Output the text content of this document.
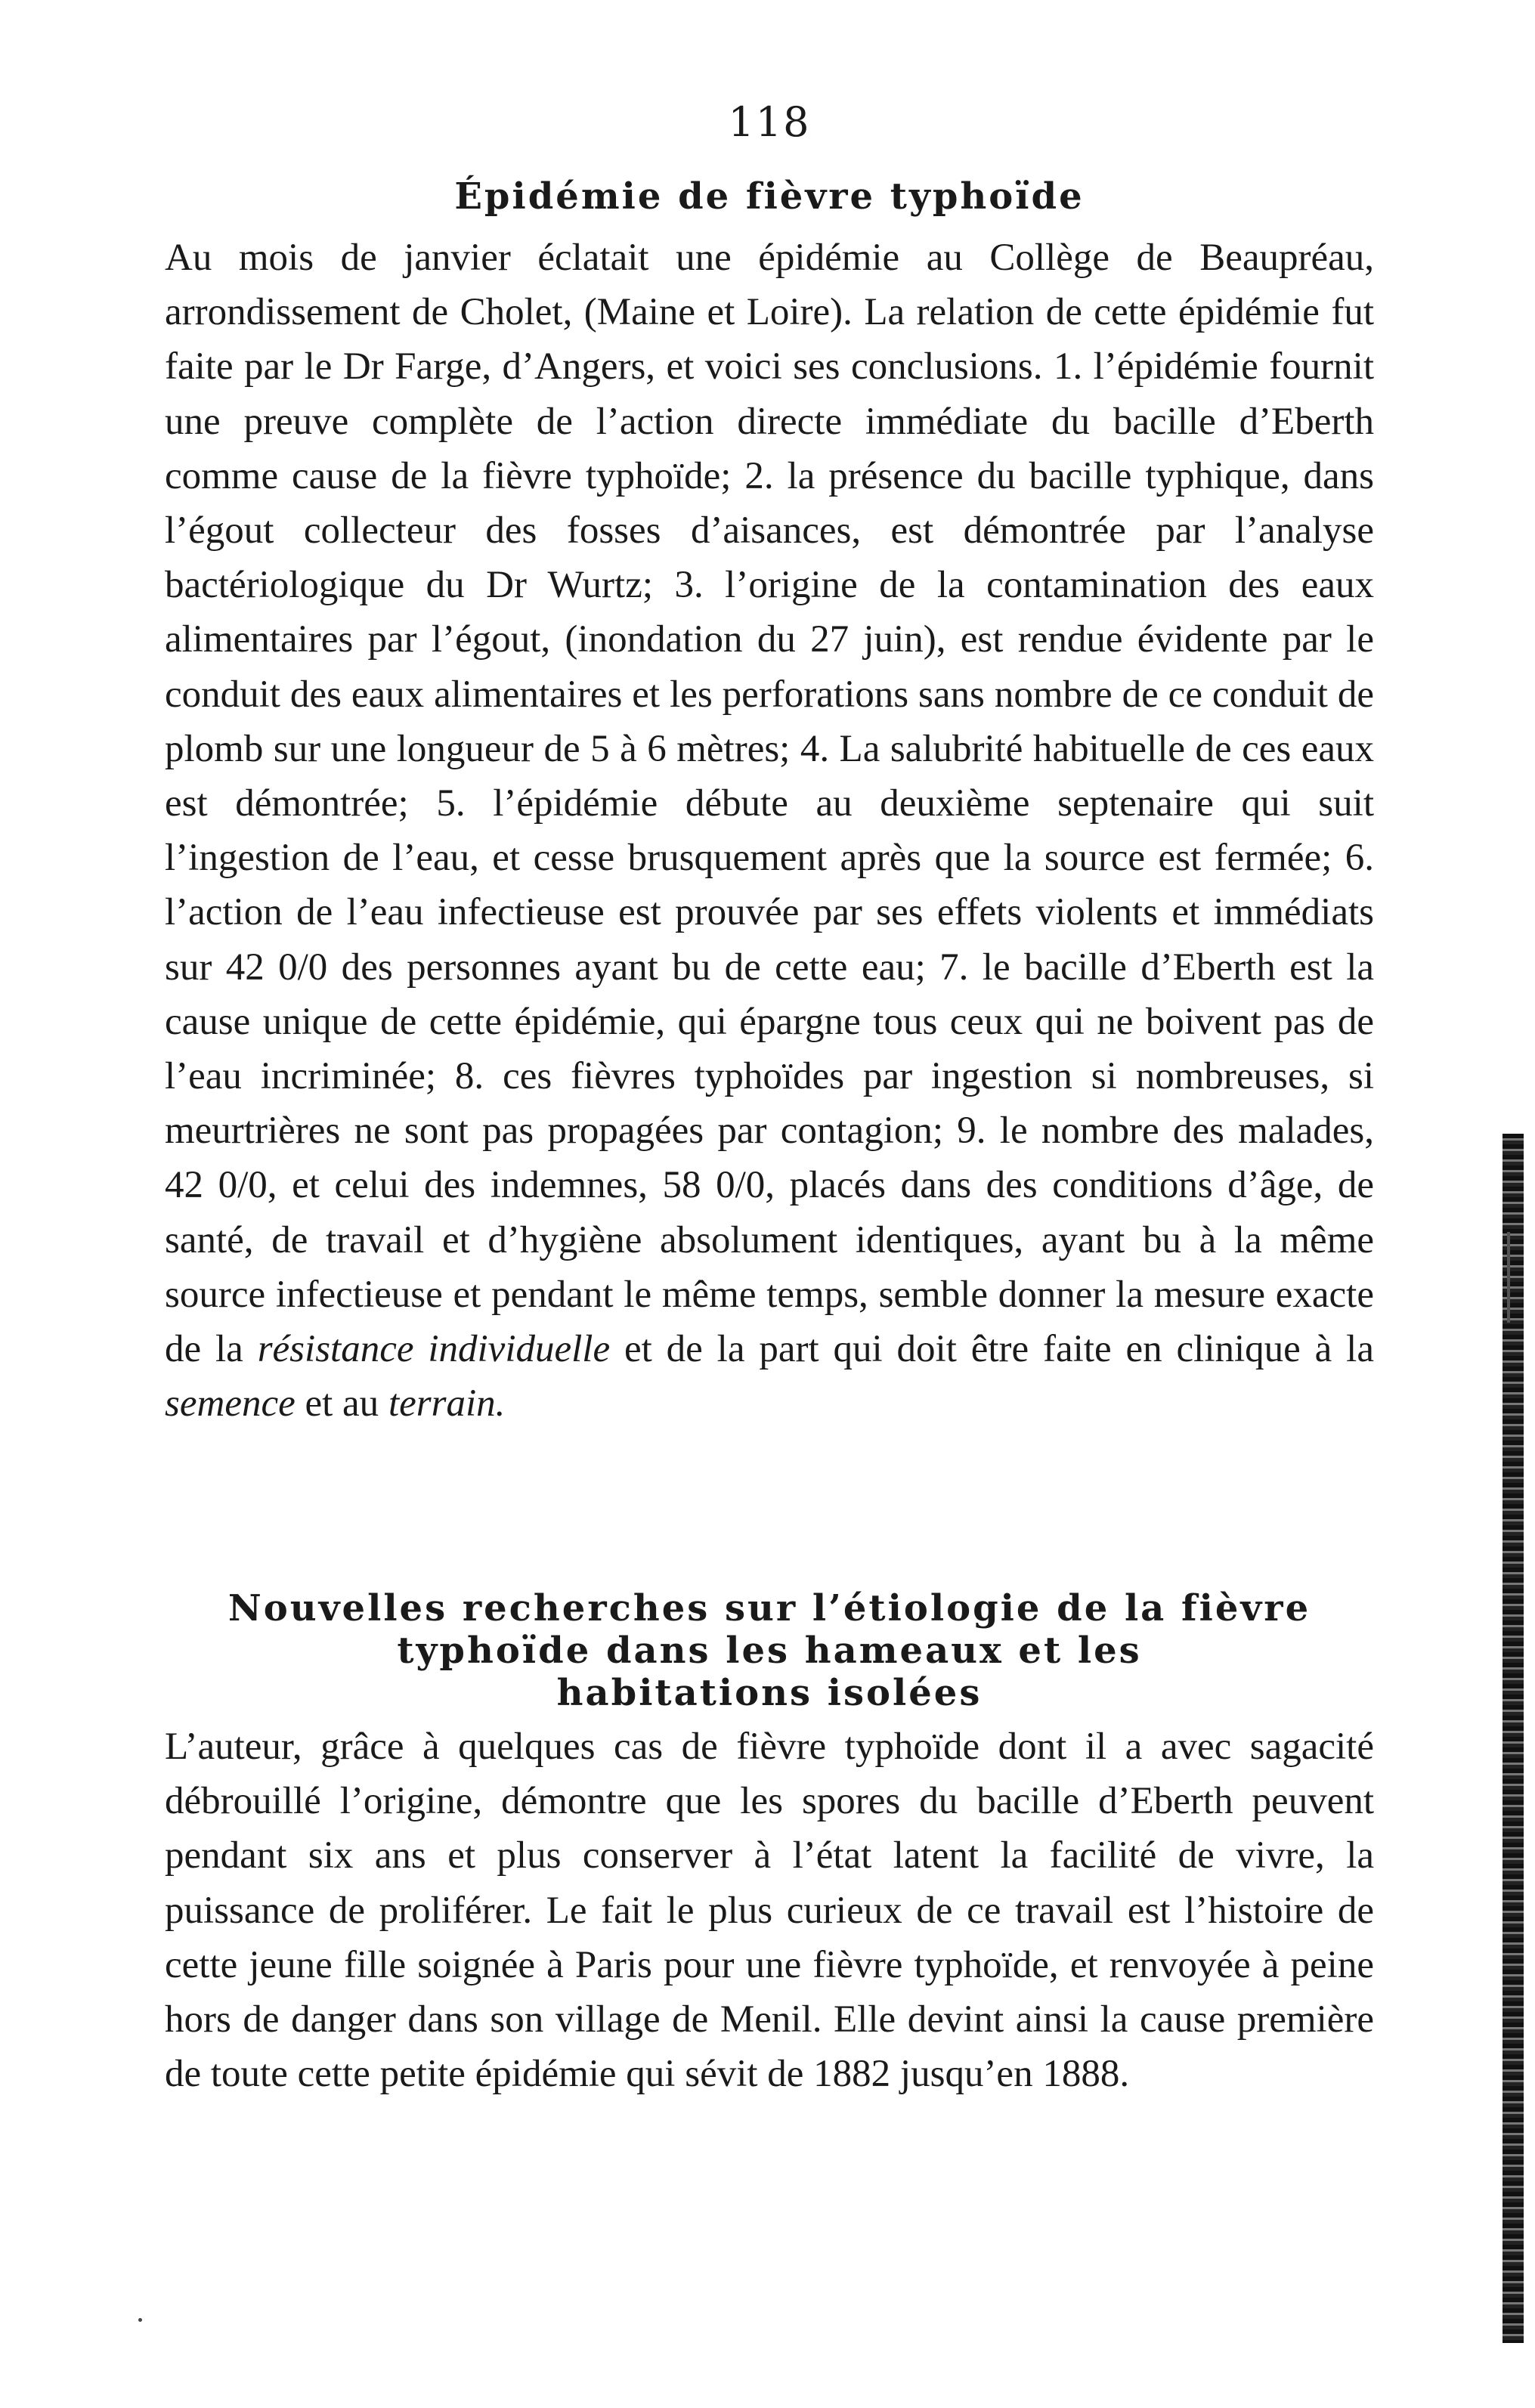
118
Épidémie de fièvre typhoïde

Au mois de janvier éclatait une épidémie au Collège de Beaupréau, arrondissement de Cholet, (Maine et Loire). La relation de cette épidémie fut faite par le Dr Farge, d’Angers, et voici ses conclusions. 1. l’épidémie fournit une preuve complète de l’action directe immédiate du bacille d’Eberth comme cause de la fièvre typhoïde; 2. la présence du bacille typhique, dans l’égout collecteur des fosses d’aisances, est démontrée par l’analyse bactériologique du Dr Wurtz; 3. l’origine de la contamination des eaux alimentaires par l’égout, (inondation du 27 juin), est rendue évidente par le conduit des eaux alimentaires et les perforations sans nombre de ce conduit de plomb sur une longueur de 5 à 6 mètres; 4. La salubrité habituelle de ces eaux est démontrée; 5. l’épidémie débute au deuxième septenaire qui suit l’ingestion de l’eau, et cesse brusquement après que la source est fermée; 6. l’action de l’eau infectieuse est prouvée par ses effets violents et immédiats sur 42 0/0 des personnes ayant bu de cette eau; 7. le bacille d’Eberth est la cause unique de cette épidémie, qui épargne tous ceux qui ne boivent pas de l’eau incriminée; 8. ces fièvres typhoïdes par ingestion si nombreuses, si meurtrières ne sont pas propagées par contagion; 9. le nombre des malades, 42 0/0, et celui des indemnes, 58 0/0, placés dans des conditions d’âge, de santé, de travail et d’hygiène absolument identiques, ayant bu à la même source infectieuse et pendant le même temps, semble donner la mesure exacte de la résistance individuelle et de la part qui doit être faite en clinique à la semence et au terrain.

Nouvelles recherches sur l’étiologie de la fièvre
typhoïde dans les hameaux et les
habitations isolées

L’auteur, grâce à quelques cas de fièvre typhoïde dont il a avec sagacité débrouillé l’origine, démontre que les spores du bacille d’Eberth peuvent pendant six ans et plus conserver à l’état latent la facilité de vivre, la puissance de proliférer. Le fait le plus curieux de ce travail est l’histoire de cette jeune fille soignée à Paris pour une fièvre typhoïde, et renvoyée à peine hors de danger dans son village de Menil. Elle devint ainsi la cause première de toute cette petite épidémie qui sévit de 1882 jusqu’en 1888.
